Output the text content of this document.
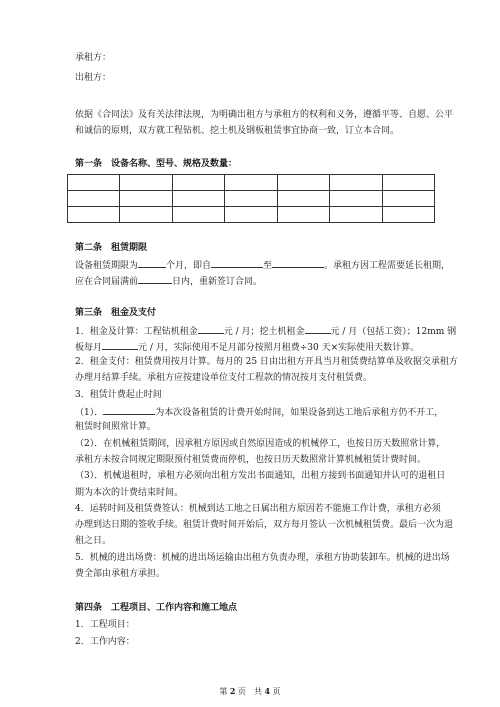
承租方：
出租方：
依据《合同法》及有关法律法规，为明确出租方与承租方的权利和义务，遵循平等、自愿、公平
和诚信的原则，双方就工程钻机、挖土机及钢板租赁事宜协商一致，订立本合同。
第一条　设备名称、型号、规格及数量：

第二条　租赁期限
设备租赁期限为	个月，即自	至	。承租方因工程需要延长租期，
应在合同届满前	日内，重新签订合同。
第三条　租金及支付
1．租金及计算：工程钻机租金	元 / 月；挖土机租金	元 / 月（包括工资）；12mm 钢
板每月	元 / 月，实际使用不足月部分按照月租费÷30 天×实际使用天数计算。
2．租金支付：租赁费用按月计算。每月的 25 日由出租方开具当月租赁费结算单及收据交承租方
办理月结算手续。承租方应按建设单位支付工程款的情况按月支付租赁费。
3．租赁计费起止时间
（1）．	为本次设备租赁的计费开始时间，如果设备到达工地后承租方仍不开工，
租赁时间照常计算。
（2）．在机械租赁期间，因承租方原因或自然原因造成的机械停工，也按日历天数照常计算，
承租方未按合同规定期限预付租赁费而停机，也按日历天数照常计算机械租赁计费时间。
（3）．机械退租时，承租方必须向出租方发出书面通知，出租方接到书面通知并认可的退租日
期为本次的计费结束时间。
4．运转时间及租赁费签认：机械到达工地之日属出租方原因若不能施工作计费，承租方必须
办理到达日期的签收手续。租赁计费时间开始后，双方每月签认一次机械租赁费。最后一次为退
租之日。
5．机械的进出场费：机械的进出场运输由出租方负责办理，承租方协助装卸车。机械的进出场
费全部由承租方承担。
第四条　工程项目、工作内容和施工地点
1．工程项目：
2．工作内容：
第 2 页　共 4 页
